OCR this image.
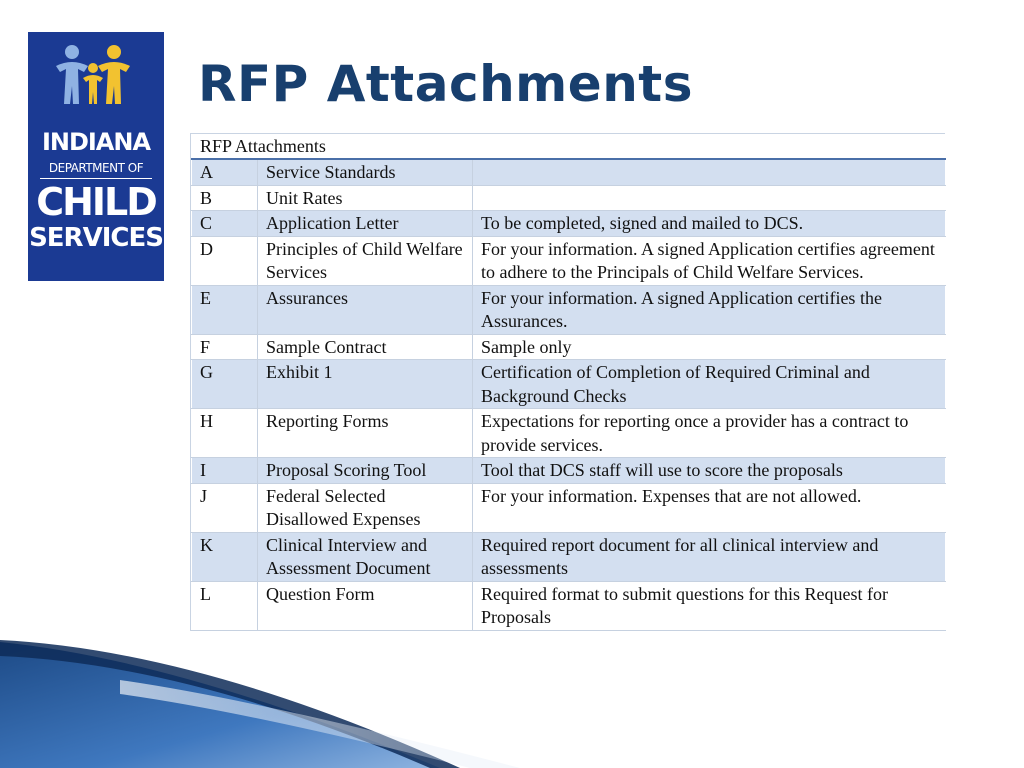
INDIANA
DEPARTMENT OF
CHILD
SERVICES
RFP Attachments
RFP Attachments		
A	Service Standards	
B	Unit Rates	
C	Application Letter	To be completed, signed and mailed to DCS.
D	Principles of Child Welfare Services	For your information. A signed Application certifies agreement to adhere to the Principals of Child Welfare Services.
E	Assurances	For your information. A signed Application certifies the Assurances.
F	Sample Contract	Sample only
G	Exhibit 1	Certification of Completion of Required Criminal and Background Checks
H	Reporting Forms	Expectations for reporting once a provider has a contract to provide services.
I	Proposal Scoring Tool	Tool that DCS staff will use to score the proposals
J	Federal Selected Disallowed Expenses	For your information. Expenses that are not allowed.
K	Clinical Interview and Assessment Document	Required report document for all clinical interview and assessments
L	Question Form	Required format to submit questions for this Request for Proposals
